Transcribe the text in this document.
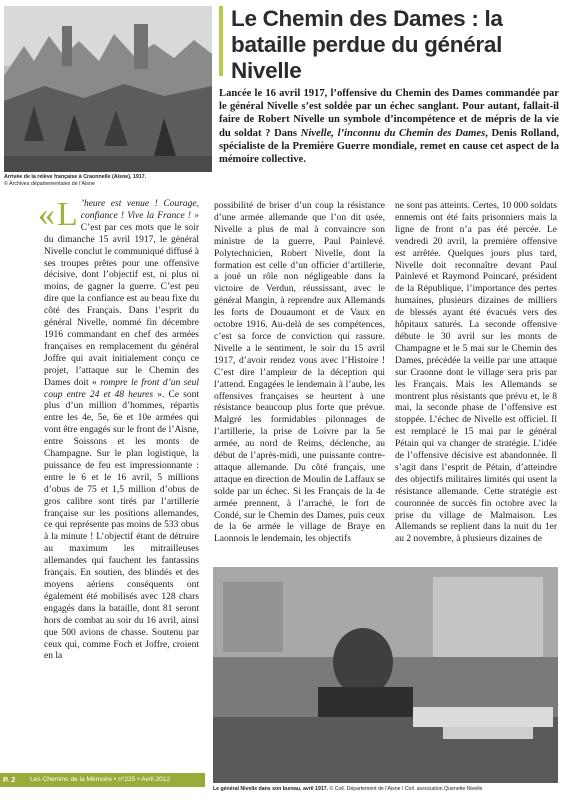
Arrivée de la relève française à Craonnelle (Aisne), 1917.
© Archives départementales de l’Aisne
Le Chemin des Dames : la bataille perdue du général Nivelle
Lancée le 16 avril 1917, l’offensive du Chemin des Dames commandée par le général Nivelle s’est soldée par un échec sanglant. Pour autant, fallait-il faire de Robert Nivelle un symbole d’incompétence et de mépris de la vie du soldat ? Dans Nivelle, l’inconnu du Chemin des Dames, Denis Rolland, spécialiste de la Première Guerre mondiale, remet en cause cet aspect de la mémoire collective.

« L ’heure est venue ! Courage, confiance ! Vive la France ! » C’est par ces mots que le soir du dimanche 15 avril 1917, le général Nivelle conclut le communiqué diffusé à ses troupes prêtes pour une offensive décisive, dont l’objectif est, ni plus ni moins, de gagner la guerre. C’est peu dire que la confiance est au beau fixe du côté des Français. Dans l’esprit du général Nivelle, nommé fin décembre 1916 commandant en chef des armées françaises en remplacement du général Joffre qui avait initialement conçu ce projet, l’attaque sur le Chemin des Dames doit « rompre le front d’un seul coup entre 24 et 48 heures ». Ce sont plus d’un million d’hommes, répartis entre les 4e, 5e, 6e et 10e armées qui vont être engagés sur le front de l’Aisne, entre Soissons et les monts de Champagne. Sur le plan logistique, la puissance de feu est impressionnante : entre le 6 et le 16 avril, 5 millions d’obus de 75 et 1,5 million d’obus de gros calibre sont tirés par l’artillerie française sur les positions allemandes, ce qui représente pas moins de 533 obus à la minute ! L’objectif étant de détruire au maximum les mitrailleuses allemandes qui fauchent les fantassins français. En soutien, des blindés et des moyens aériens conséquents ont également été mobilisés avec 128 chars engagés dans la bataille, dont 81 seront hors de combat au soir du 16 avril, ainsi que 500 avions de chasse. Soutenu par ceux qui, comme Foch et Joffre, croient en la

possibilité de briser d’un coup la résistance d’une armée allemande que l’on dit usée, Nivelle a plus de mal à convaincre son ministre de la guerre, Paul Painlevé. Polytechnicien, Robert Nivelle, dont la formation est celle d’un officier d’artillerie, a joué un rôle non négligeable dans la victoire de Verdun, réussissant, avec le général Mangin, à reprendre aux Allemands les forts de Douaumont et de Vaux en octobre 1916. Au-delà de ses compétences, c’est sa force de conviction qui rassure. Nivelle a le sentiment, le soir du 15 avril 1917, d’avoir rendez vous avec l’Histoire ! C’est dire l’ampleur de la déception qui l’attend. Engagées le lendemain à l’aube, les offensives françaises se heurtent à une résistance beaucoup plus forte que prévue. Malgré les formidables pilonnages de l’artillerie, la prise de Loivre par la 5e armée, au nord de Reims, déclenche, au début de l’après-midi, une puissante contre-attaque allemande. Du côté français, une attaque en direction de Moulin de Laffaux se solde par un échec. Si les Français de la 4e armée prennent, à l’arraché, le fort de Condé, sur le Chemin des Dames, puis ceux de la 6e armée le village de Braye en Laonnois le lendemain, les objectifs

ne sont pas atteints. Certes, 10 000 soldats ennemis ont été faits prisonniers mais la ligne de front n’a pas été percée. Le vendredi 20 avril, la première offensive est arrêtée. Quelques jours plus tard, Nivelle doit reconnaître devant Paul Painlevé et Raymond Poincaré, président de la République, l’importance des pertes humaines, plusieurs dizaines de milliers de blessés ayant été évacués vers des hôpitaux saturés. La seconde offensive débute le 30 avril sur les monts de Champagne et le 5 mai sur le Chemin des Dames, précédée la veille par une attaque sur Craonne dont le village sera pris par les Français. Mais les Allemands se montrent plus résistants que prévu et, le 8 mai, la seconde phase de l’offensive est stoppée. L’échec de Nivelle est officiel. Il est remplacé le 15 mai par le général Pétain qui va changer de stratégie. L’idée de l’offensive décisive est abandonnée. Il s’agit dans l’esprit de Pétain, d’atteindre des objectifs militaires limités qui usent la résistance allemande. Cette stratégie est couronnée de succès fin octobre avec la prise du village de Malmaison. Les Allemands se replient dans la nuit du 1er au 2 novembre, à plusieurs dizaines de

Le général Nivelle dans son bureau, avril 1917. © Coll. Département de l’Aisne / Coll. association Quenette Nivelle
P. 2 Les Chemins de la Mémoire • n°225 • Avril 2012
